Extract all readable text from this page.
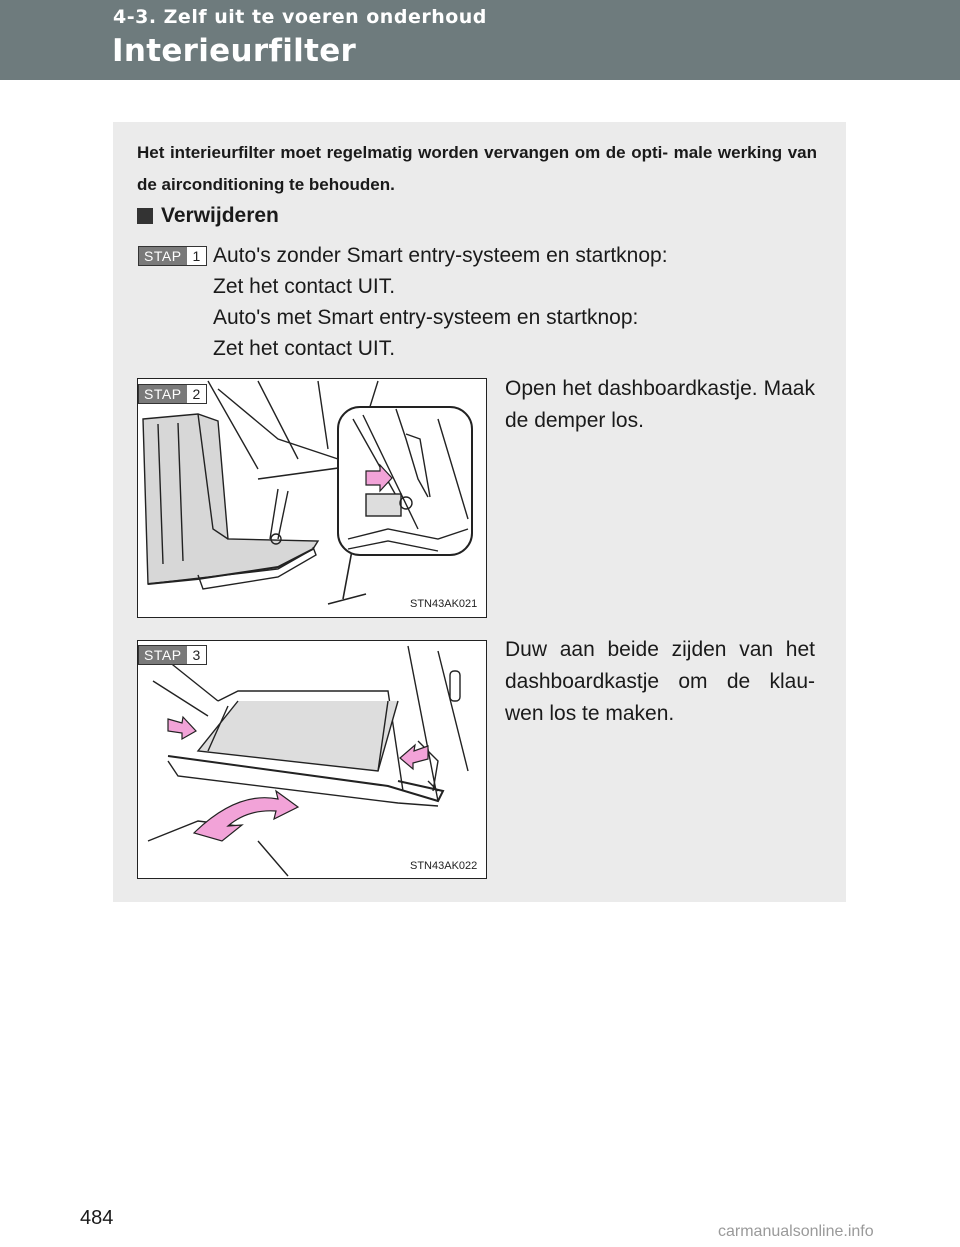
4-3. Zelf uit te voeren onderhoud
Interieurfilter
Het interieurfilter moet regelmatig worden vervangen om de opti- male werking van de airconditioning te behouden.
Verwijderen
STAP 1 Auto's zonder Smart entry-systeem en startknop:
Zet het contact UIT.
Auto's met Smart entry-systeem en startknop:
Zet het contact UIT.
STN43AK021
STAP 2	Open het dashboardkastje. Maak de demper los.
STN43AK022
STAP 3	Duw aan beide zijden van het dashboardkastje om de klau- wen los te maken.
484
carmanualsonline.info
